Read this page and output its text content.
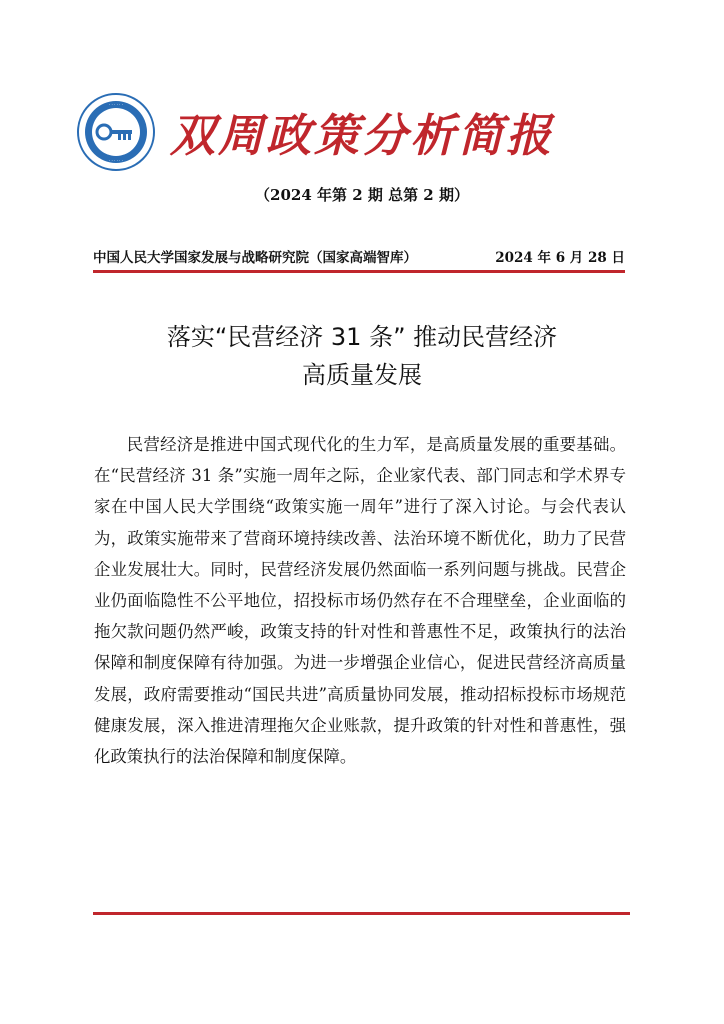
· · · · · ·
· · · · · · 双周政策分析简报
（2024 年第 2 期 总第 2 期）
中国人民大学国家发展与战略研究院（国家高端智库）	2024 年 6 月 28 日
落实“民营经济 31 条” 推动民营经济
高质量发展

民营经济是推进中国式现代化的生力军，是高质量发展的重要基础。在“民营经济 31 条”实施一周年之际，企业家代表、部门同志和学术界专家在中国人民大学围绕“政策实施一周年”进行了深入讨论。与会代表认为，政策实施带来了营商环境持续改善、法治环境不断优化，助力了民营企业发展壮大。同时，民营经济发展仍然面临一系列问题与挑战。民营企业仍面临隐性不公平地位，招投标市场仍然存在不合理壁垒，企业面临的拖欠款问题仍然严峻，政策支持的针对性和普惠性不足，政策执行的法治保障和制度保障有待加强。为进一步增强企业信心，促进民营经济高质量发展，政府需要推动“国民共进”高质量协同发展，推动招标投标市场规范健康发展，深入推进清理拖欠企业账款，提升政策的针对性和普惠性，强化政策执行的法治保障和制度保障。
